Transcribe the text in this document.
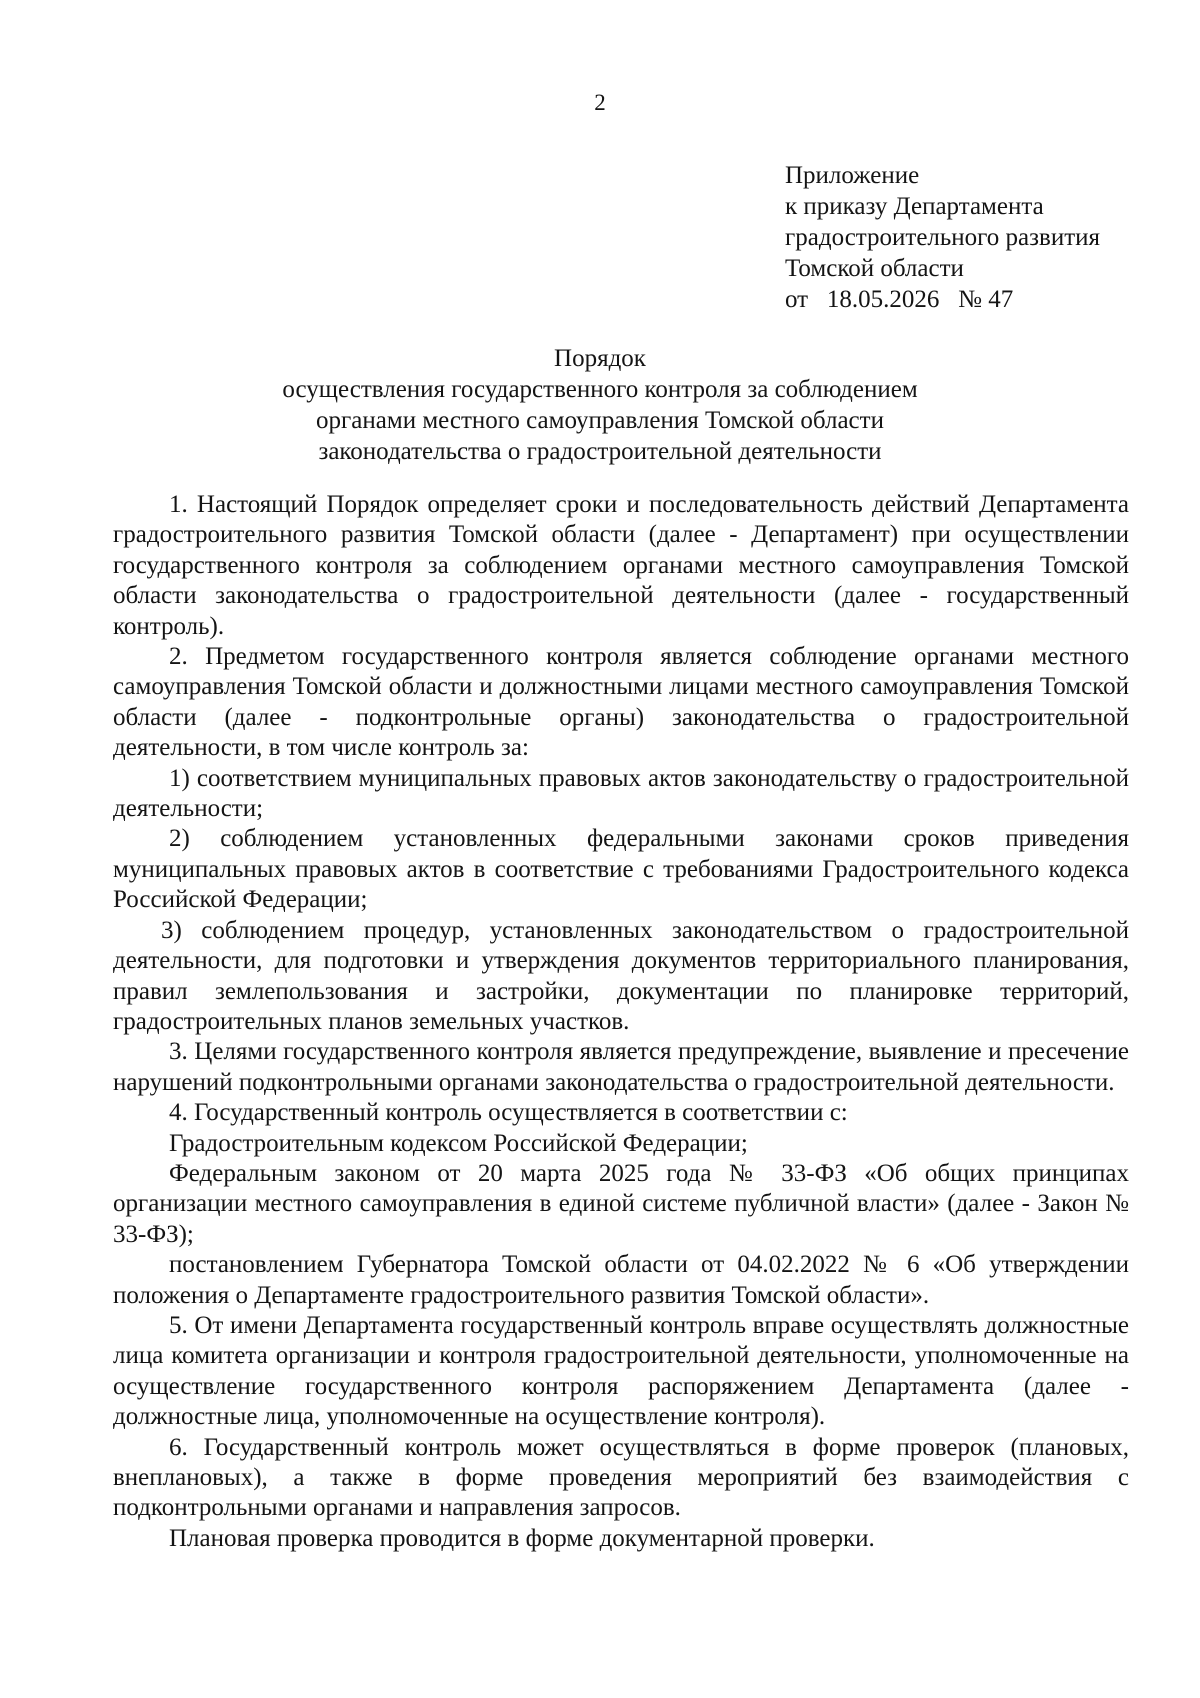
2
Приложение
к приказу Департамента
градостроительного развития
Томской области
от 18.05.2026 № 47
Порядок
осуществления государственного контроля за соблюдением
органами местного самоуправления Томской области
законодательства о градостроительной деятельности

1. Настоящий Порядок определяет сроки и последовательность действий Департамента градостроительного развития Томской области (далее - Департамент) при осуществлении государственного контроля за соблюдением органами местного самоуправления Томской области законодательства о градостроительной деятельности (далее - государственный контроль).

2. Предметом государственного контроля является соблюдение органами местного самоуправления Томской области и должностными лицами местного самоуправления Томской области (далее - подконтрольные органы) законодательства о градостроительной деятельности, в том числе контроль за:

1) соответствием муниципальных правовых актов законодательству о градостроительной деятельности;

2) соблюдением установленных федеральными законами сроков приведения муниципальных правовых актов в соответствие с требованиями Градостроительного кодекса Российской Федерации;

3) соблюдением процедур, установленных законодательством о градостроительной деятельности, для подготовки и утверждения документов территориального планирования, правил землепользования и застройки, документации по планировке территорий, градостроительных планов земельных участков.

3. Целями государственного контроля является предупреждение, выявление и пресечение нарушений подконтрольными органами законодательства о градостроительной деятельности.

4. Государственный контроль осуществляется в соответствии с:

Градостроительным кодексом Российской Федерации;

Федеральным законом от 20 марта 2025 года № 33-ФЗ «Об общих принципах организации местного самоуправления в единой системе публичной власти» (далее - Закон № 33-ФЗ);

постановлением Губернатора Томской области от 04.02.2022 № 6 «Об утверждении положения о Департаменте градостроительного развития Томской области».

5. От имени Департамента государственный контроль вправе осуществлять должностные лица комитета организации и контроля градостроительной деятельности, уполномоченные на осуществление государственного контроля распоряжением Департамента (далее - должностные лица, уполномоченные на осуществление контроля).

6. Государственный контроль может осуществляться в форме проверок (плановых, внеплановых), а также в форме проведения мероприятий без взаимодействия с подконтрольными органами и направления запросов.

Плановая проверка проводится в форме документарной проверки.
